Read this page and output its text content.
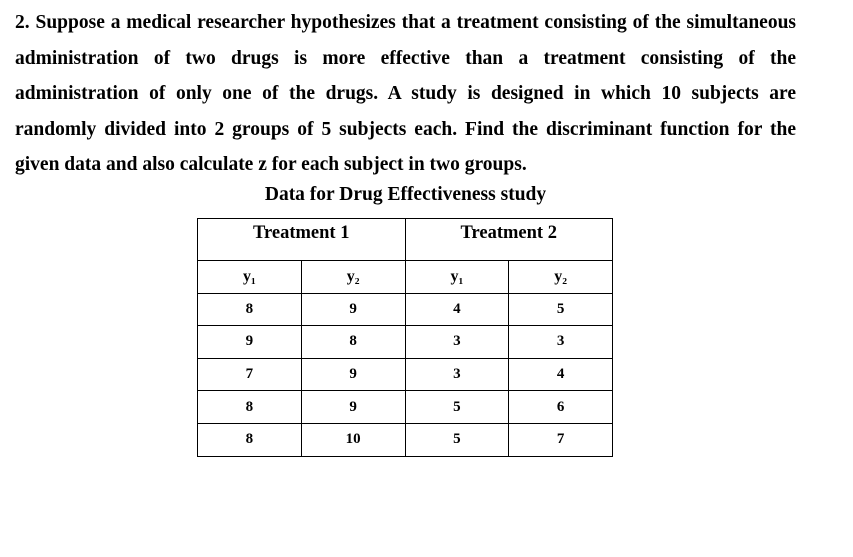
2. Suppose a medical researcher hypothesizes that a treatment consisting of the simultaneous administration of two drugs is more effective than a treatment consisting of the administration of only one of the drugs. A study is designed in which 10 subjects are randomly divided into 2 groups of 5 subjects each. Find the discriminant function for the given data and also calculate z for each subject in two groups.

Data for Drug Effectiveness study
Treatment 1		Treatment 2	
y₁	y₂	y₁	y₂
8	9	4	5
9	8	3	3
7	9	3	4
8	9	5	6
8	10	5	7
